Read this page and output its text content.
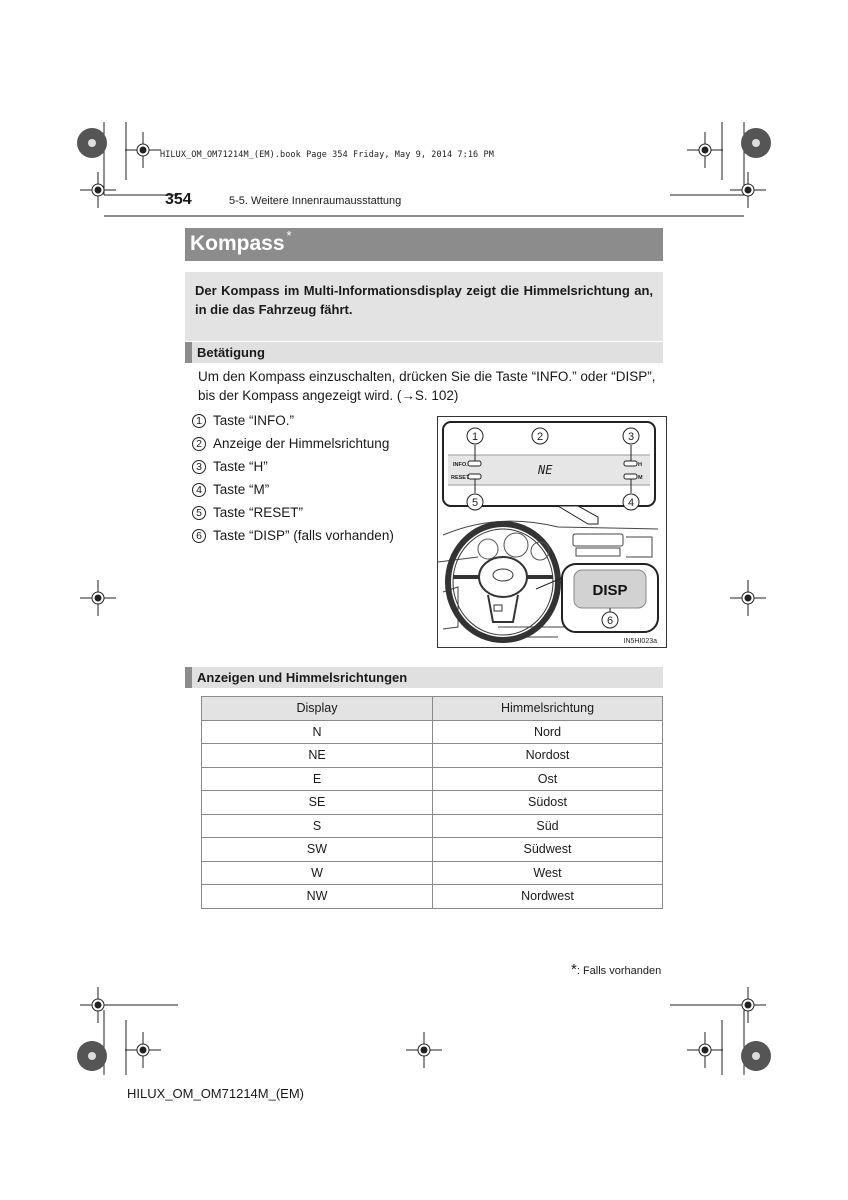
HILUX_OM_OM71214M_(EM).book Page 354 Friday, May 9, 2014 7:16 PM
354	5-5. Weitere Innenraumausstattung
Kompass *
Der Kompass im Multi-Informationsdisplay zeigt die Himmelsrichtung an, in die das Fahrzeug fährt.
Betätigung
Um den Kompass einzuschalten, drücken Sie die Taste “INFO.” oder “DISP”, bis der Kompass angezeigt wird. (→S. 102)
1 Taste “INFO.”
2 Anzeige der Himmelsrichtung
3 Taste “H”
4 Taste “M”
5 Taste “RESET”
6 Taste “DISP” (falls vorhanden)
1	2	3
5	4
INFO.
RESET
H
M
NE
DISP
6
IN5HI023a
Anzeigen und Himmelsrichtungen
Display	Himmelsrichtung
N	Nord
NE	Nordost
E	Ost
SE	Südost
S	Süd
SW	Südwest
W	West
NW	Nordwest
*: Falls vorhanden
HILUX_OM_OM71214M_(EM)
